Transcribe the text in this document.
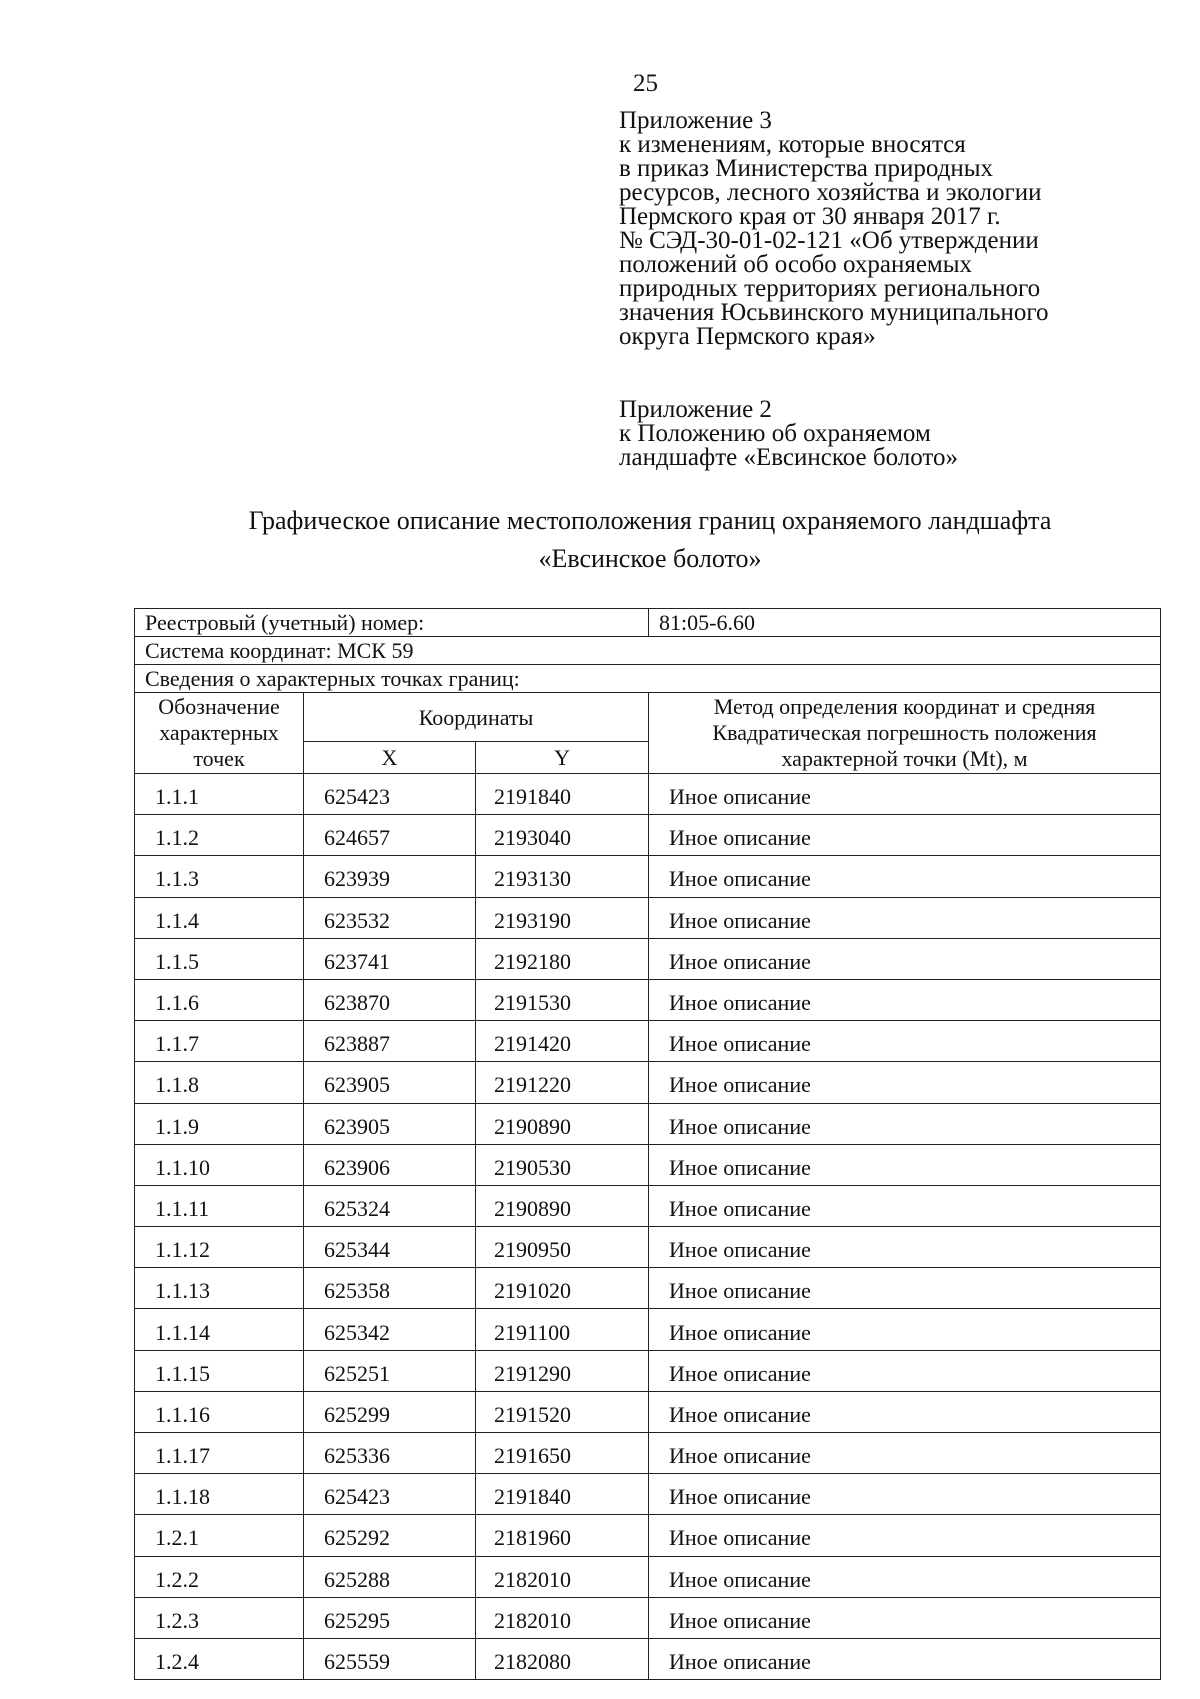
25
Приложение 3
к изменениям, которые вносятся
в приказ Министерства природных
ресурсов, лесного хозяйства и экологии
Пермского края от 30 января 2017 г.
№ СЭД-30-01-02-121 «Об утверждении
положений об особо охраняемых
природных территориях регионального
значения Юсьвинского муниципального
округа Пермского края»
Приложение 2
к Положению об охраняемом
ландшафте «Евсинское болото»
Графическое описание местоположения границ охраняемого ландшафта
«Евсинское болото»
Реестровый (учетный) номер:			81:05-6.60
Система координат: МСК 59			
Сведения о характерных точках границ:			
Обозначение характерных точек	Координаты		Метод определения координат и средняя Квадратическая погрешность положения характерной точки (Mt), м
	X	Y	
1.1.1	625423	2191840	Иное описание
1.1.2	624657	2193040	Иное описание
1.1.3	623939	2193130	Иное описание
1.1.4	623532	2193190	Иное описание
1.1.5	623741	2192180	Иное описание
1.1.6	623870	2191530	Иное описание
1.1.7	623887	2191420	Иное описание
1.1.8	623905	2191220	Иное описание
1.1.9	623905	2190890	Иное описание
1.1.10	623906	2190530	Иное описание
1.1.11	625324	2190890	Иное описание
1.1.12	625344	2190950	Иное описание
1.1.13	625358	2191020	Иное описание
1.1.14	625342	2191100	Иное описание
1.1.15	625251	2191290	Иное описание
1.1.16	625299	2191520	Иное описание
1.1.17	625336	2191650	Иное описание
1.1.18	625423	2191840	Иное описание
1.2.1	625292	2181960	Иное описание
1.2.2	625288	2182010	Иное описание
1.2.3	625295	2182010	Иное описание
1.2.4	625559	2182080	Иное описание
